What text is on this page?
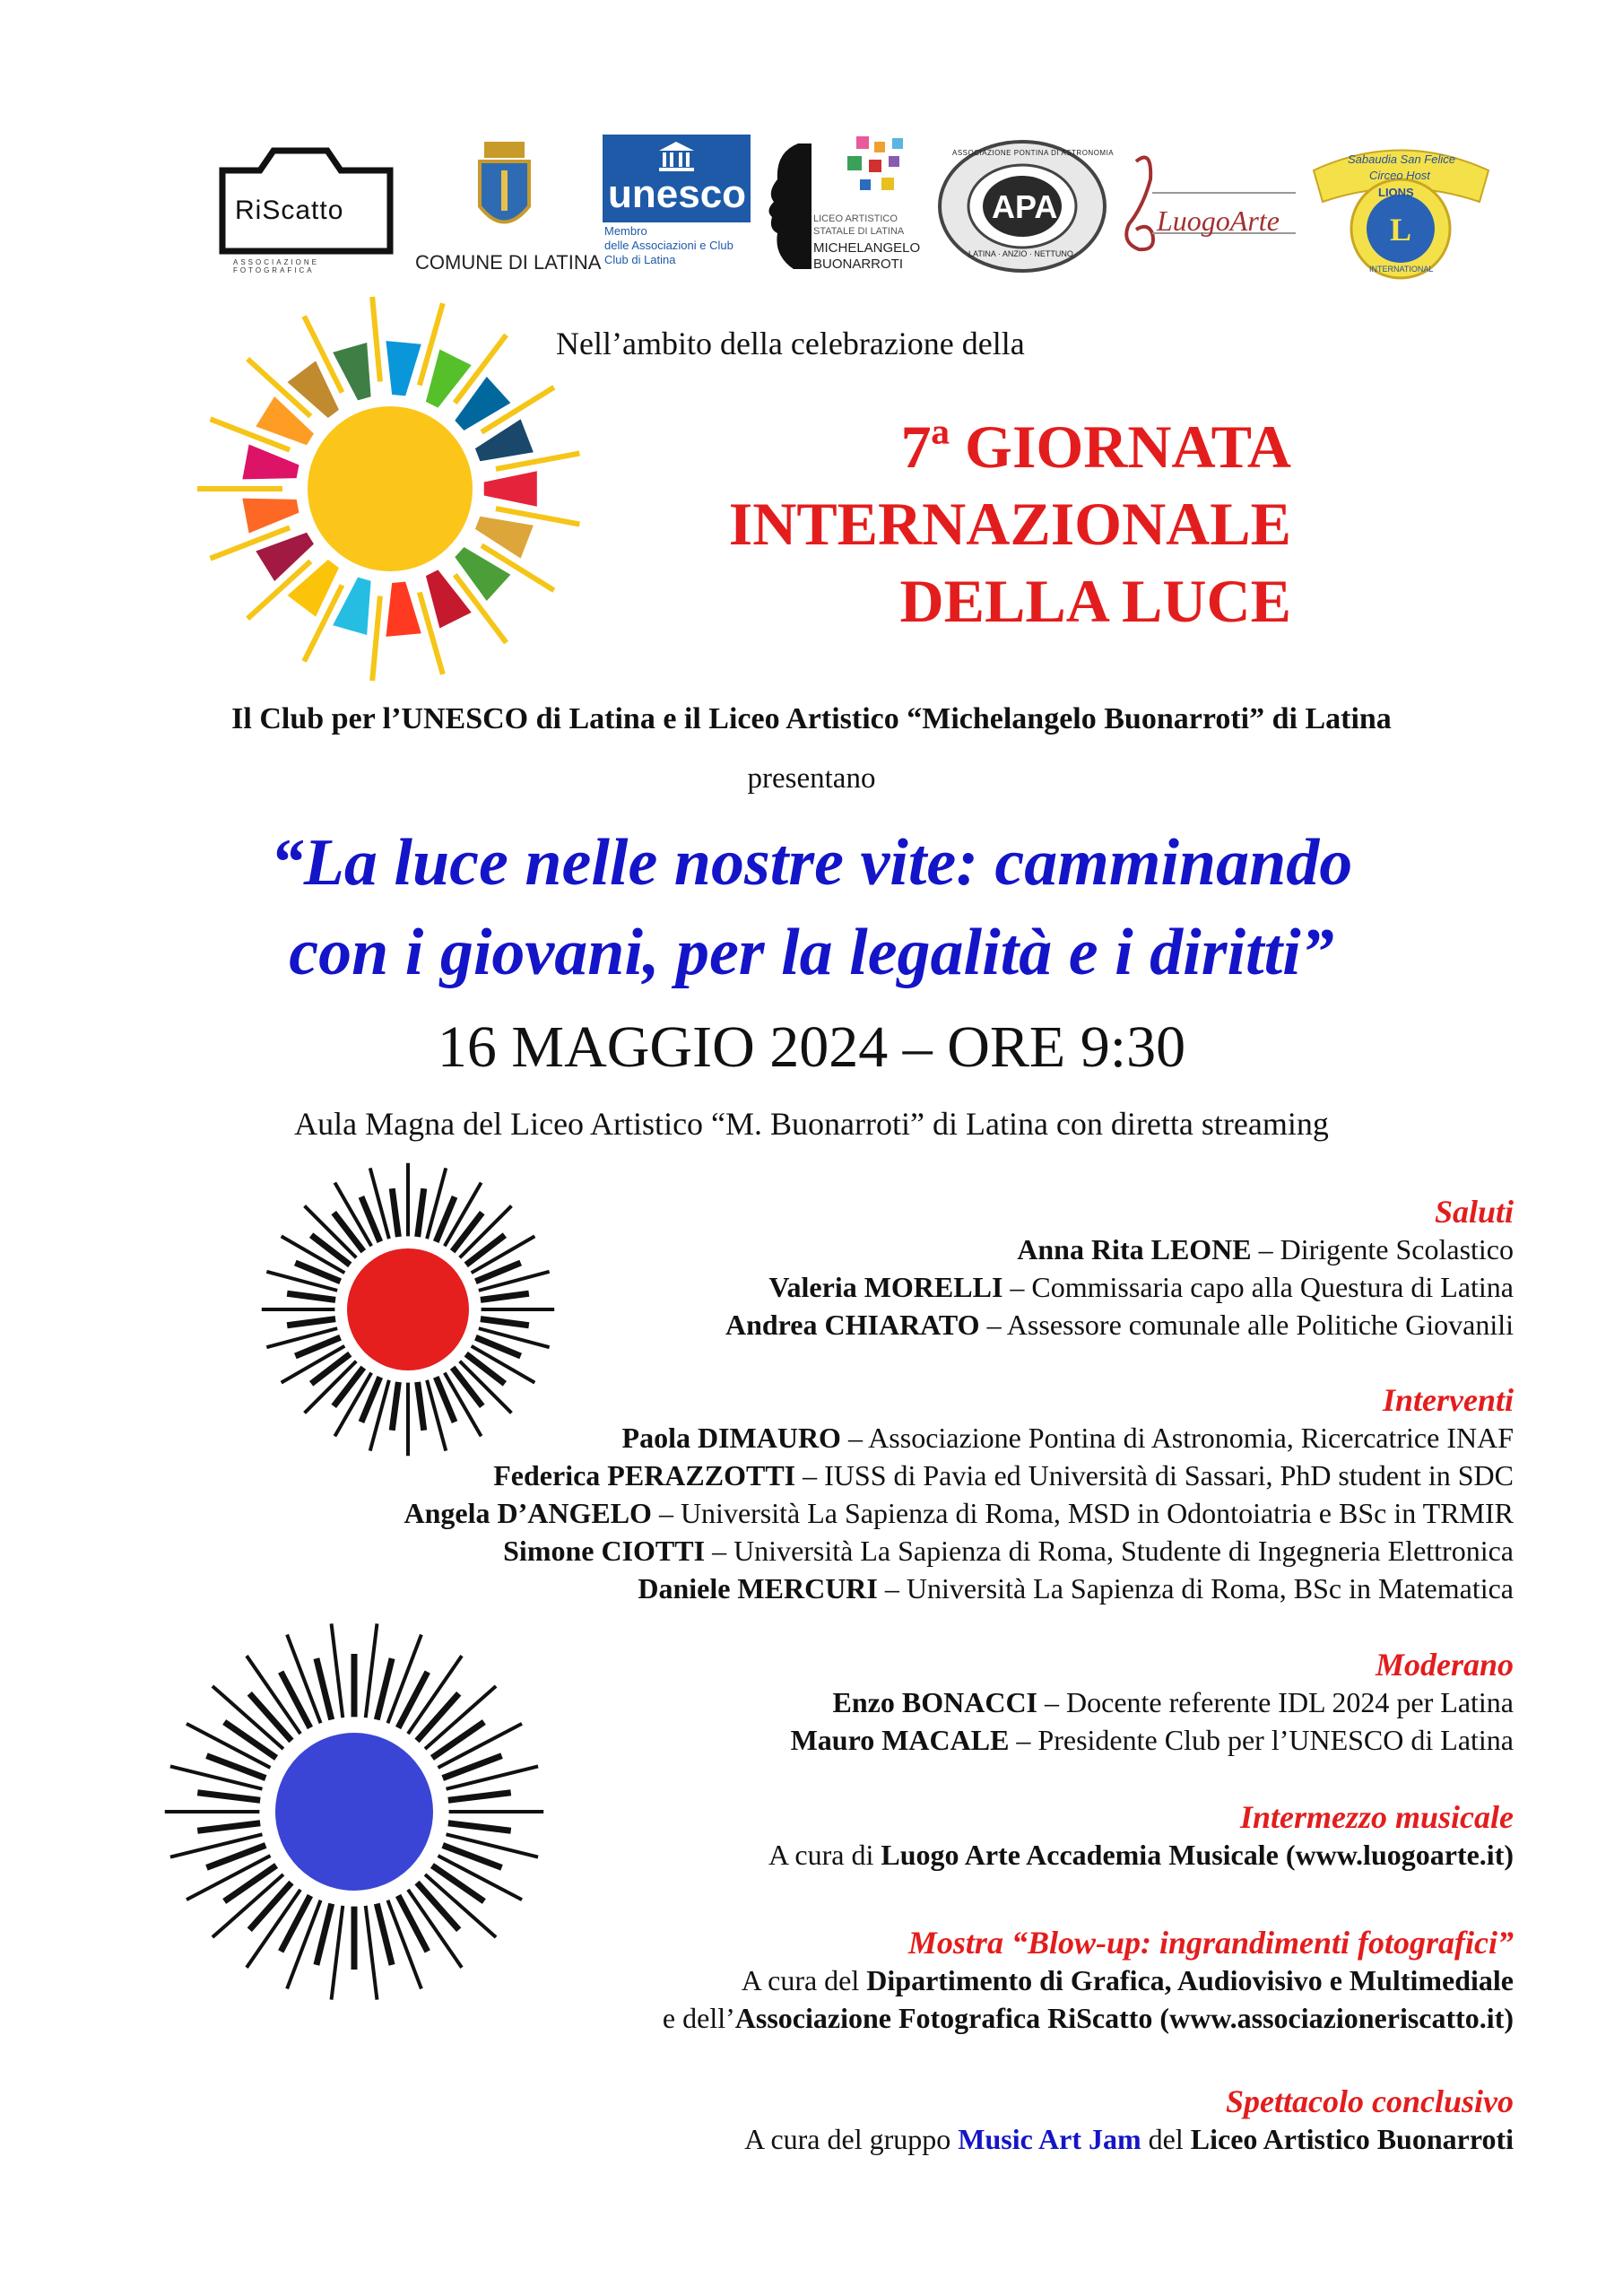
RiScatto
ASSOCIAZIONE FOTOGRAFICA	COMUNE DI LATINA
unesco
Membro
delle Associazioni e Club
Club di Latina
LICEO ARTISTICO
STATALE DI LATINA
MICHELANGELO
BUONARROTI
APA
ASSOCIAZIONE PONTINA DI ASTRONOMIA
LATINA · ANZIO · NETTUNO
LuogoArte	L
Sabaudia San Felice
Circeo Host
LIONS
INTERNATIONAL
Nell’ambito della celebrazione della
7ª GIORNATA
INTERNAZIONALE
DELLA LUCE
Il Club per l’UNESCO di Latina e il Liceo Artistico “Michelangelo Buonarroti” di Latina
presentano
“La luce nelle nostre vite: camminando
con i giovani, per la legalità e i diritti”
16 MAGGIO 2024 – ORE 9:30
Aula Magna del Liceo Artistico “M. Buonarroti” di Latina con diretta streaming
Saluti
Anna Rita LEONE – Dirigente Scolastico
Valeria MORELLI – Commissaria capo alla Questura di Latina
Andrea CHIARATO – Assessore comunale alle Politiche Giovanili
Interventi
Paola DIMAURO – Associazione Pontina di Astronomia, Ricercatrice INAF
Federica PERAZZOTTI – IUSS di Pavia ed Università di Sassari, PhD student in SDC
Angela D’ANGELO – Università La Sapienza di Roma, MSD in Odontoiatria e BSc in TRMIR
Simone CIOTTI – Università La Sapienza di Roma, Studente di Ingegneria Elettronica
Daniele MERCURI – Università La Sapienza di Roma, BSc in Matematica
Moderano
Enzo BONACCI – Docente referente IDL 2024 per Latina
Mauro MACALE – Presidente Club per l’UNESCO di Latina
Intermezzo musicale
A cura di Luogo Arte Accademia Musicale (www.luogoarte.it)
Mostra “Blow-up: ingrandimenti fotografici”
A cura del Dipartimento di Grafica, Audiovisivo e Multimediale
e dell’Associazione Fotografica RiScatto (www.associazioneriscatto.it)
Spettacolo conclusivo
A cura del gruppo Music Art Jam del Liceo Artistico Buonarroti
